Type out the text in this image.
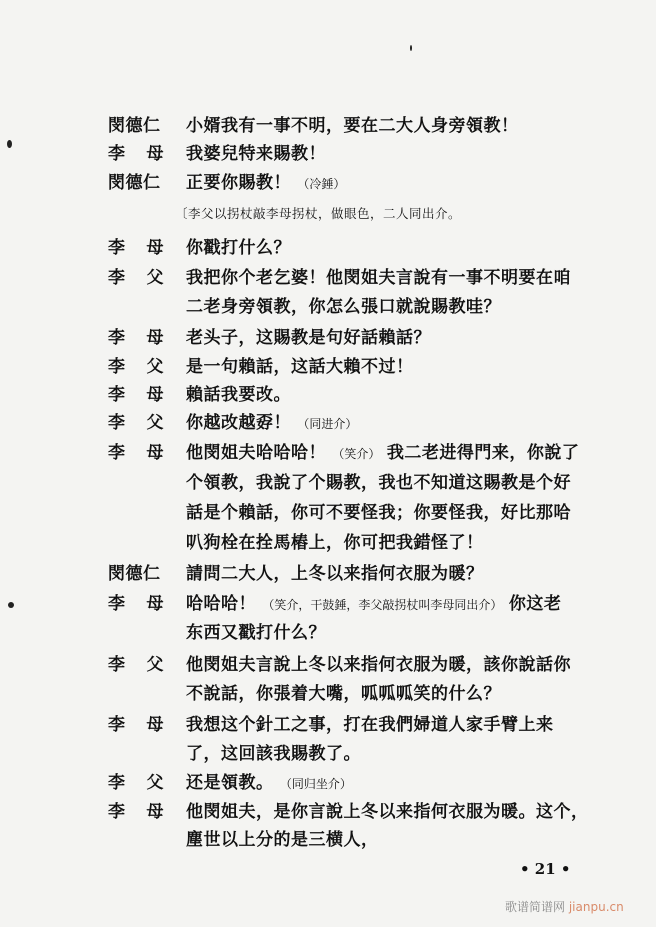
閔德仁	小婿我有一事不明，要在二大人身旁領教！
李 母 我婆兒特来賜教！
閔德仁	正要你賜教！ （冷錘）
〔李父以拐杖敲李母拐杖，做眼色，二人同出介。
李 母 你戳打什么？
李 父 我把你个老乞婆！他閔姐夫言說有一事不明要在咱
二老身旁領教，你怎么張口就說賜教哇？
李 母 老头子，这賜教是句好話賴話？
李 父 是一句賴話，这話大賴不过！
李 母 賴話我要改。
李 父 你越改越孬！ （同进介）
李 母 他閔姐夫哈哈哈！ （笑介） 我二老进得門来，你說了
个領教，我說了个賜教，我也不知道这賜教是个好
話是个賴話，你可不要怪我；你要怪我，好比那哈
叭狗栓在拴馬樁上，你可把我錯怪了！
閔德仁	請問二大人，上冬以来指何衣服为暖？
李 母 哈哈哈！ （笑介，干鼓錘，李父敲拐杖叫李母同出介） 你这老
东西又戳打什么？
李 父 他閔姐夫言說上冬以来指何衣服为暖，該你說話你
不說話，你張着大嘴，呱呱呱笑的什么？
李 母 我想这个針工之事，打在我們婦道人家手臂上来
了，这回該我賜教了。
李 父 还是領教。 （同归坐介）
李 母 他閔姐夫，是你言說上冬以来指何衣服为暖。这个，
塵世以上分的是三横人，
• 21 •
歌谱简谱网 jianpu.cn
